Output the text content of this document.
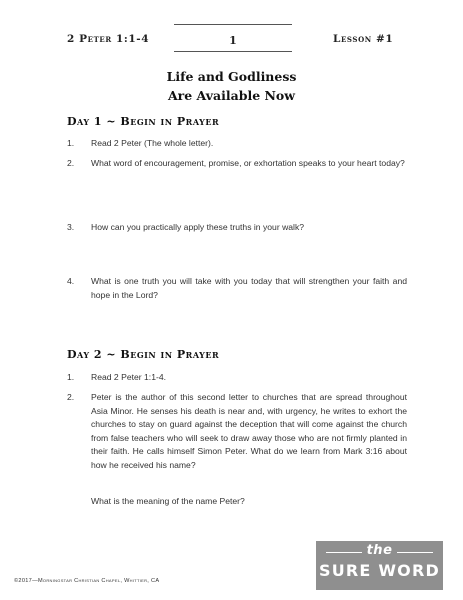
2 Peter 1:1-4	1	Lesson #1
Life and Godliness
Are Available Now
Day 1 ~ Begin in Prayer
1. Read 2 Peter (The whole letter).
2. What word of encouragement, promise, or exhortation speaks to your heart today?
3. How can you practically apply these truths in your walk?
4. What is one truth you will take with you today that will strengthen your faith and hope in the Lord?
Day 2 ~ Begin in Prayer
1. Read 2 Peter 1:1-4.
2. Peter is the author of this second letter to churches that are spread throughout Asia Minor. He senses his death is near and, with urgency, he writes to exhort the churches to stay on guard against the deception that will come against the church from false teachers who will seek to draw away those who are not firmly planted in their faith. He calls himself Simon Peter. What do we learn from Mark 3:16 about how he received his name?
What is the meaning of the name Peter?
©2017—Morningstar Christian Chapel, Whittier, CA
the
SURE WORD
